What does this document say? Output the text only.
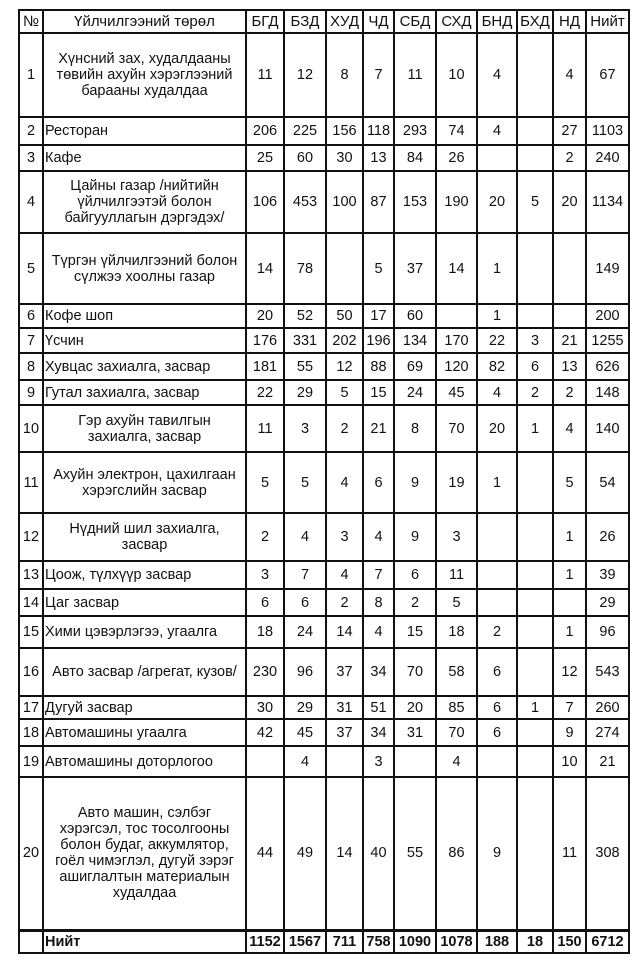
№	Үйлчилгээний төрөл	БГД	БЗД	ХУД	ЧД	СБД	СХД	БНД	БХД	НД	Нийт
1	Хүнсний зах, худалдааны төвийн ахуйн хэрэглээний барааны худалдаа	11	12	8	7	11	10	4		4	67
2	Ресторан	206	225	156	118	293	74	4		27	1103
3	Кафе	25	60	30	13	84	26			2	240
4	Цайны газар /нийтийн үйлчилгээтэй болон байгууллагын дэргэдэх/	106	453	100	87	153	190	20	5	20	1134
5	Түргэн үйлчилгээний болон сүлжээ хоолны газар	14	78		5	37	14	1			149
6	Кофе шоп	20	52	50	17	60		1			200
7	Үсчин	176	331	202	196	134	170	22	3	21	1255
8	Хувцас захиалга, засвар	181	55	12	88	69	120	82	6	13	626
9	Гутал захиалга, засвар	22	29	5	15	24	45	4	2	2	148
10	Гэр ахуйн тавилгын захиалга, засвар	11	3	2	21	8	70	20	1	4	140
11	Ахуйн электрон, цахилгаан хэрэгслийн засвар	5	5	4	6	9	19	1		5	54
12	Нүдний шил захиалга, засвар	2	4	3	4	9	3			1	26
13	Цоож, түлхүүр засвар	3	7	4	7	6	11			1	39
14	Цаг засвар	6	6	2	8	2	5				29
15	Хими цэвэрлэгээ, угаалга	18	24	14	4	15	18	2		1	96
16	Авто засвар /агрегат, кузов/	230	96	37	34	70	58	6		12	543
17	Дугуй засвар	30	29	31	51	20	85	6	1	7	260
18	Автомашины угаалга	42	45	37	34	31	70	6		9	274
19	Автомашины доторлогоо		4		3		4			10	21
20	Авто машин, сэлбэг хэрэгсэл, тос тосолгооны болон будаг, аккумлятор, гоёл чимэглэл, дугуй зэрэг ашиглалтын материалын худалдаа	44	49	14	40	55	86	9		11	308
	Нийт	1152	1567	711	758	1090	1078	188	18	150	6712
